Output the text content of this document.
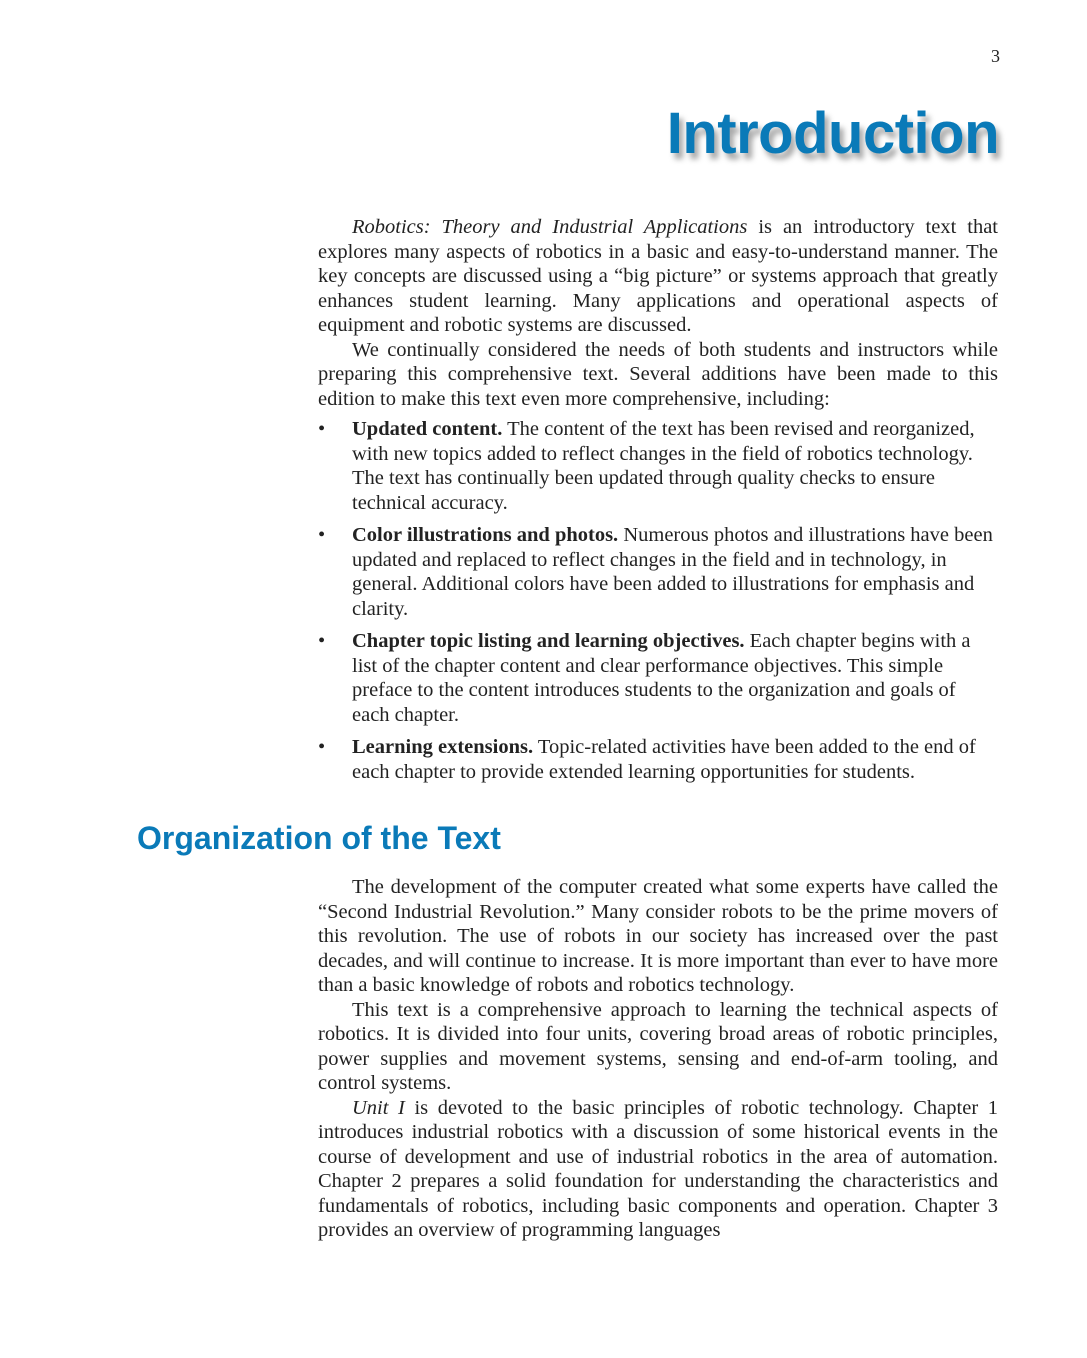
3
Introduction

Robotics: Theory and Industrial Applications is an introductory text that explores many aspects of robotics in a basic and easy-to-understand manner. The key concepts are discussed using a “big picture” or systems approach that greatly enhances student learning. Many applications and operational aspects of equipment and robotic systems are discussed.

We continually considered the needs of both students and instructors while preparing this comprehensive text. Several additions have been made to this edition to make this text even more comprehensive, including:

• Updated content. The content of the text has been revised and reorganized, with new topics added to reflect changes in the field of robotics technology. The text has continually been updated through quality checks to ensure technical accuracy.
• Color illustrations and photos. Numerous photos and illustrations have been updated and replaced to reflect changes in the field and in technology, in general. Additional colors have been added to illustrations for emphasis and clarity.
• Chapter topic listing and learning objectives. Each chapter begins with a list of the chapter content and clear performance objectives. This simple preface to the content introduces students to the organization and goals of each chapter.
• Learning extensions. Topic-related activities have been added to the end of each chapter to provide extended learning opportunities for students.
Organization of the Text

The development of the computer created what some experts have called the “Second Industrial Revolution.” Many consider robots to be the prime movers of this revolution. The use of robots in our society has increased over the past decades, and will continue to increase. It is more important than ever to have more than a basic knowledge of robots and robotics technology.

This text is a comprehensive approach to learning the technical aspects of robotics. It is divided into four units, covering broad areas of robotic principles, power supplies and movement systems, sensing and end-of-arm tooling, and control systems.

Unit I is devoted to the basic principles of robotic technology. Chapter 1 introduces industrial robotics with a discussion of some historical events in the course of development and use of industrial robotics in the area of automation. Chapter 2 prepares a solid foundation for understanding the characteristics and fundamentals of robotics, including basic components and operation. Chapter 3 provides an overview of programming languages
